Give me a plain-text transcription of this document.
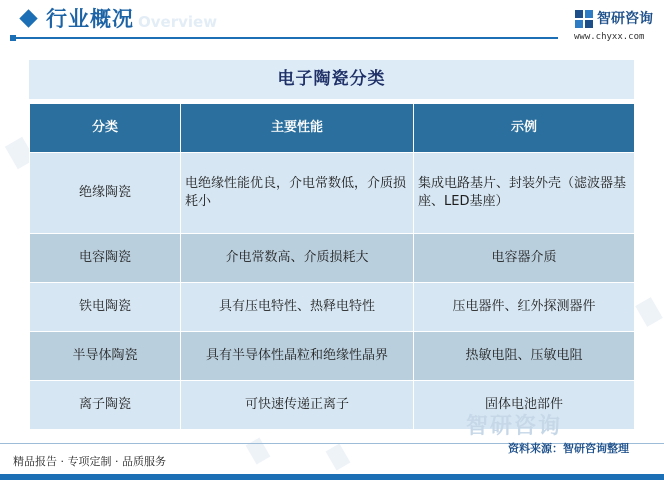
Overview
行业概况	智研咨询
www.chyxx.com
电子陶瓷分类
分类	主要性能	示例
绝缘陶瓷	电绝缘性能优良，介电常数低，介质损耗小	集成电路基片、封装外壳（滤波器基座、LED基座）
电容陶瓷	介电常数高、介质损耗大	电容器介质
铁电陶瓷	具有压电特性、热释电特性	压电器件、红外探测器件
半导体陶瓷	具有半导体性晶粒和绝缘性晶界	热敏电阻、压敏电阻
离子陶瓷	可快速传递正离子	固体电池部件
智研咨询
精品报告 · 专项定制 · 品质服务
资料来源：智研咨询整理
